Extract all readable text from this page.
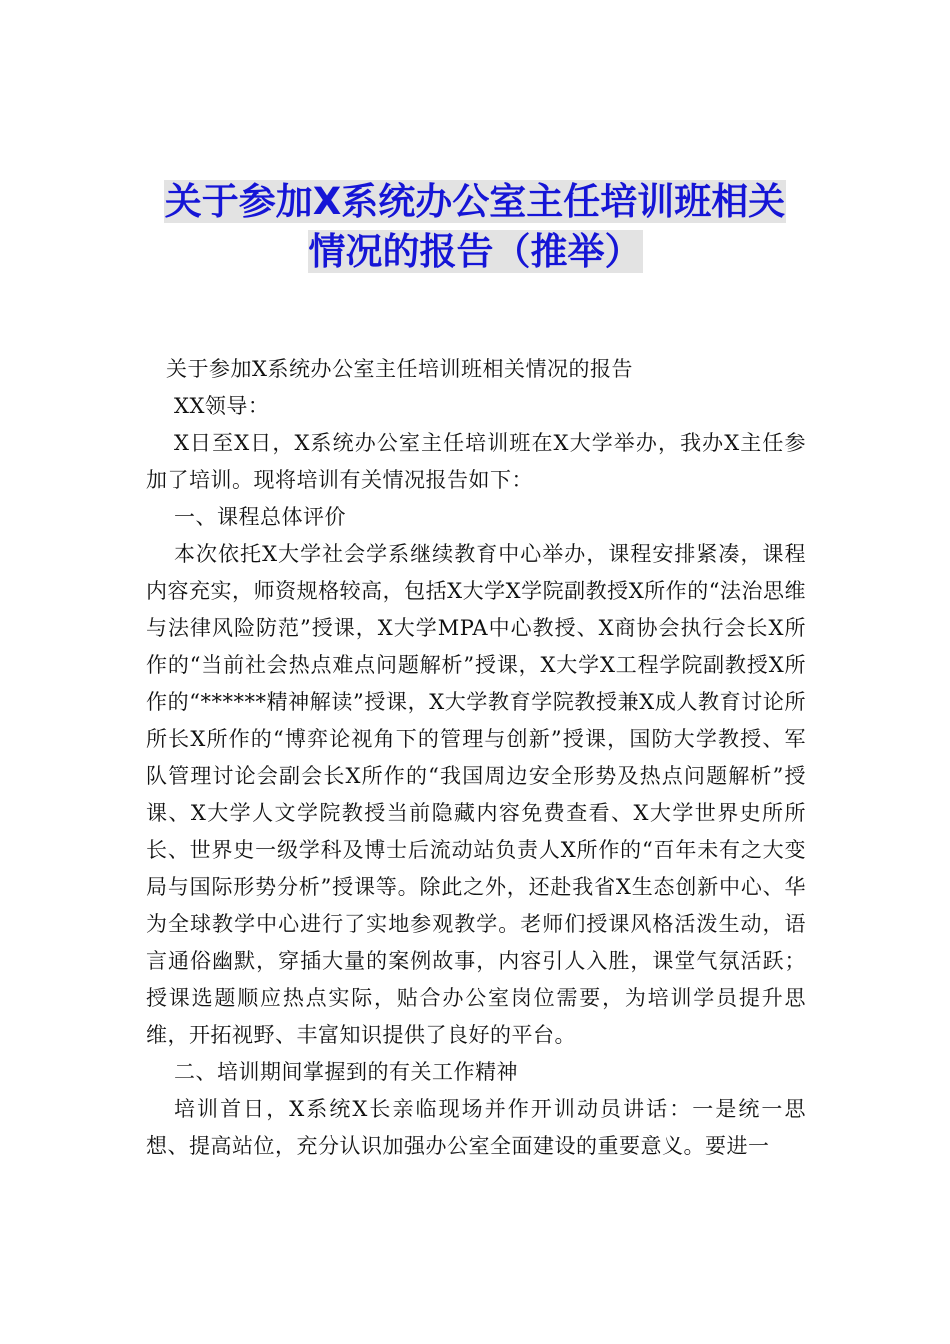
关于参加X系统办公室主任培训班相关
情况的报告（推举）

关于参加X系统办公室主任培训班相关情况的报告

XX领导：

X日至X日，X系统办公室主任培训班在X大学举办，我办X主任参加了培训。现将培训有关情况报告如下：

一、课程总体评价

本次依托X大学社会学系继续教育中心举办，课程安排紧凑，课程内容充实，师资规格较高，包括X大学X学院副教授X所作的“法治思维与法律风险防范”授课，X大学MPA中心教授、X商协会执行会长X所作的“当前社会热点难点问题解析”授课，X大学X工程学院副教授X所作的“******精神解读”授课，X大学教育学院教授兼X成人教育讨论所所长X所作的“博弈论视角下的管理与创新”授课，国防大学教授、军队管理讨论会副会长X所作的“我国周边安全形势及热点问题解析”授课、X大学人文学院教授当前隐藏内容免费查看、X大学世界史所所长、世界史一级学科及博士后流动站负责人X所作的“百年未有之大变局与国际形势分析”授课等。除此之外，还赴我省X生态创新中心、华为全球教学中心进行了实地参观教学。老师们授课风格活泼生动，语言通俗幽默，穿插大量的案例故事，内容引人入胜，课堂气氛活跃；授课选题顺应热点实际，贴合办公室岗位需要，为培训学员提升思维，开拓视野、丰富知识提供了良好的平台。

二、培训期间掌握到的有关工作精神

培训首日，X系统X长亲临现场并作开训动员讲话：一是统一思想、提高站位，充分认识加强办公室全面建设的重要意义。要进一
